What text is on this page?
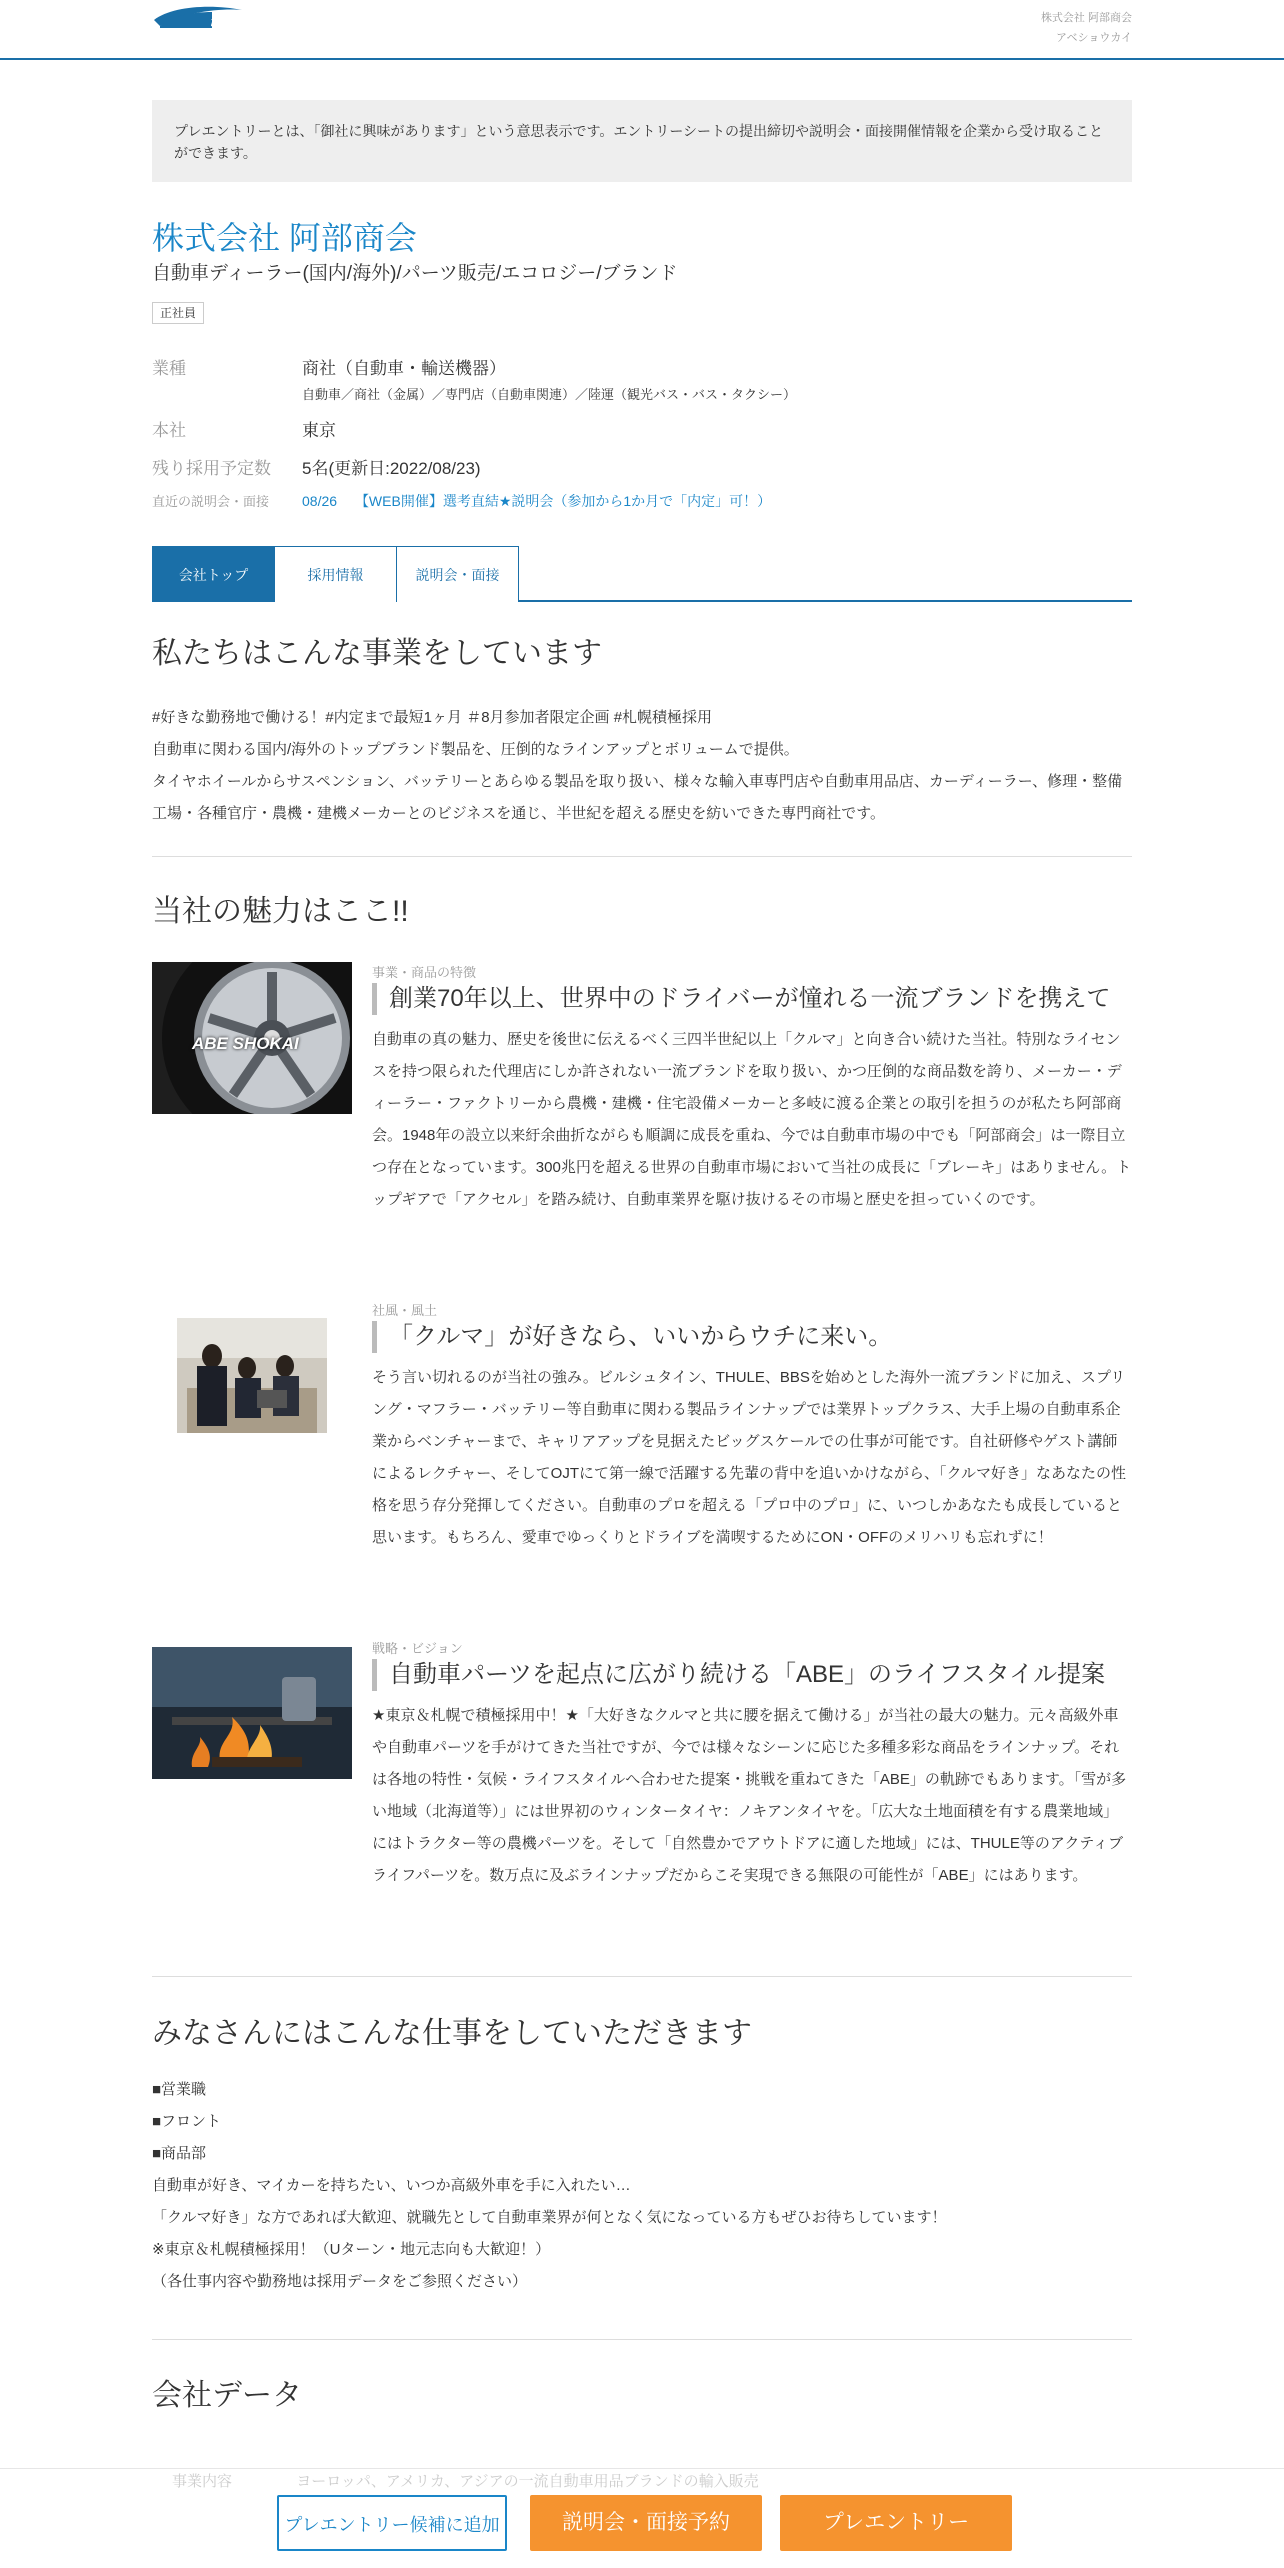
リクナビ 2023	株式会社 阿部商会
アベショウカイ
プレエントリーとは、「御社に興味があります」という意思表示です。エントリーシートの提出締切や説明会・面接開催情報を企業から受け取ることができます。
株式会社 阿部商会
自動車ディーラー(国内/海外)/パーツ販売/エコロジー/ブランド
正社員
業種	商社（自動車・輸送機器）
自動車／商社（金属）／専門店（自動車関連）／陸運（観光バス・バス・タクシー）
本社	東京
残り採用予定数 5名(更新日:2022/08/23)
直近の説明会・面接 08/26 【WEB開催】選考直結★説明会（参加から1か月で「内定」可！）
会社トップ	採用情報	説明会・面接
私たちはこんな事業をしています
#好きな勤務地で働ける！#内定まで最短1ヶ月 ＃8月参加者限定企画 #札幌積極採用
自動車に関わる国内/海外のトップブランド製品を、圧倒的なラインアップとボリュームで提供。
タイヤホイールからサスペンション、バッテリーとあらゆる製品を取り扱い、様々な輸入車専門店や自動車用品店、カーディーラー、修理・整備工場・各種官庁・農機・建機メーカーとのビジネスを通じ、半世紀を超える歴史を紡いできた専門商社です。
当社の魅力はここ!!
ABE SHOKAI
事業・商品の特徴
創業70年以上、世界中のドライバーが憧れる一流ブランドを携えて
自動車の真の魅力、歴史を後世に伝えるべく三四半世紀以上「クルマ」と向き合い続けた当社。特別なライセンスを持つ限られた代理店にしか許されない一流ブランドを取り扱い、かつ圧倒的な商品数を誇り、メーカー・ディーラー・ファクトリーから農機・建機・住宅設備メーカーと多岐に渡る企業との取引を担うのが私たち阿部商会。1948年の設立以来紆余曲折ながらも順調に成長を重ね、今では自動車市場の中でも「阿部商会」は一際目立つ存在となっています。300兆円を超える世界の自動車市場において当社の成長に「ブレーキ」はありません。トップギアで「アクセル」を踏み続け、自動車業界を駆け抜けるその市場と歴史を担っていくのです。
社風・風土
「クルマ」が好きなら、いいからウチに来い。
そう言い切れるのが当社の強み。ビルシュタイン、THULE、BBSを始めとした海外一流ブランドに加え、スプリング・マフラー・バッテリー等自動車に関わる製品ラインナップでは業界トップクラス、大手上場の自動車系企業からベンチャーまで、キャリアアップを見据えたビッグスケールでの仕事が可能です。自社研修やゲスト講師によるレクチャー、そしてOJTにて第一線で活躍する先輩の背中を追いかけながら、「クルマ好き」なあなたの性格を思う存分発揮してください。自動車のプロを超える「プロ中のプロ」に、いつしかあなたも成長していると思います。もちろん、愛車でゆっくりとドライブを満喫するためにON・OFFのメリハリも忘れずに！
戦略・ビジョン
自動車パーツを起点に広がり続ける「ABE」のライフスタイル提案
★東京＆札幌で積極採用中！★「大好きなクルマと共に腰を据えて働ける」が当社の最大の魅力。元々高級外車や自動車パーツを手がけてきた当社ですが、今では様々なシーンに応じた多種多彩な商品をラインナップ。それは各地の特性・気候・ライフスタイルへ合わせた提案・挑戦を重ねてきた「ABE」の軌跡でもあります。「雪が多い地域（北海道等）」には世界初のウィンタータイヤ：ノキアンタイヤを。「広大な土地面積を有する農業地域」にはトラクター等の農機パーツを。そして「自然豊かでアウトドアに適した地域」には、THULE等のアクティブライフパーツを。数万点に及ぶラインナップだからこそ実現できる無限の可能性が「ABE」にはあります。
みなさんにはこんな仕事をしていただきます
■営業職
■フロント
■商品部
自動車が好き、マイカーを持ちたい、いつか高級外車を手に入れたい…
「クルマ好き」な方であれば大歓迎、就職先として自動車業界が何となく気になっている方もぜひお待ちしています！
※東京＆札幌積極採用！（Uターン・地元志向も大歓迎！）
（各仕事内容や勤務地は採用データをご参照ください）
会社データ
事業内容	ヨーロッパ、アメリカ、アジアの一流自動車用品ブランドの輸入販売
プレエントリー候補に追加	説明会・面接予約	プレエントリー
